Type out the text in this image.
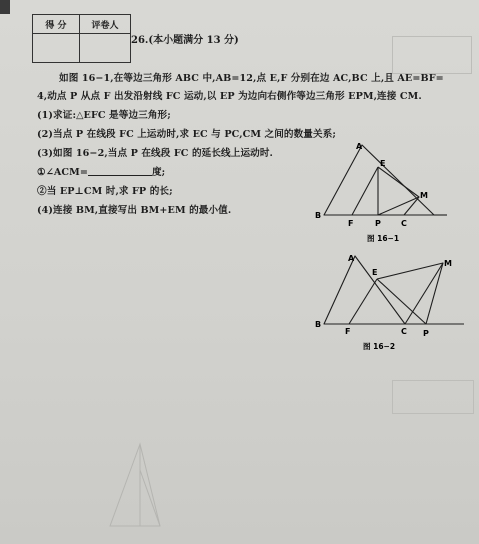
得 分	评卷人

26.(本小题满分 13 分)
如图 16−1,在等边三角形 ABC 中,AB=12,点 E,F 分别在边 AC,BC 上,且 AE=BF=
4,动点 P 从点 F 出发沿射线 FC 运动,以 EP 为边向右侧作等边三角形 EPM,连接 CM.
(1)求证:△EFC 是等边三角形;
(2)当点 P 在线段 FC 上运动时,求 EC 与 PC,CM 之间的数量关系;
(3)如图 16−2,当点 P 在线段 FC 的延长线上运动时.
①∠ACM=	度;
②当 EP⊥CM 时,求 FP 的长;
(4)连接 BM,直接写出 BM+EM 的最小值.
A
E
M
B
F	P	C
图 16−1
A
E
M
B
F	C P
图 16−2
